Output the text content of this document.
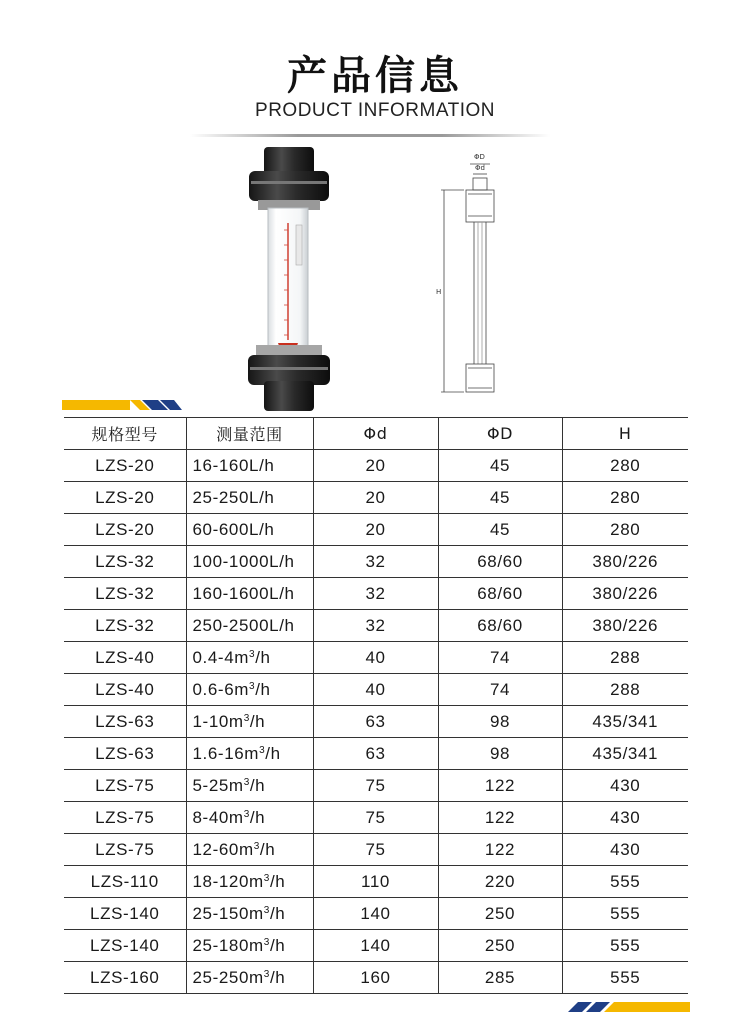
产品信息
PRODUCT INFORMATION
ΦD
Φd
H
规格型号	测量范围	Φd	ΦD	H
LZS-20	16-160L/h	20	45	280
LZS-20	25-250L/h	20	45	280
LZS-20	60-600L/h	20	45	280
LZS-32	100-1000L/h	32	68/60	380/226
LZS-32	160-1600L/h	32	68/60	380/226
LZS-32	250-2500L/h	32	68/60	380/226
LZS-40	$0.4-4m^3/h$	40	74	288
LZS-40	$0.6-6m^3/h$	40	74	288
LZS-63	$1-10m^3/h$	63	98	435/341
LZS-63	$1.6-16m^3/h$	63	98	435/341
LZS-75	$5-25m^3/h$	75	122	430
LZS-75	$8-40m^3/h$	75	122	430
LZS-75	$12-60m^3/h$	75	122	430
LZS-110	$18-120m^3/h$	110	220	555
LZS-140	$25-150m^3/h$	140	250	555
LZS-140	$25-180m^3/h$	140	250	555
LZS-160	$25-250m^3/h$	160	285	555
